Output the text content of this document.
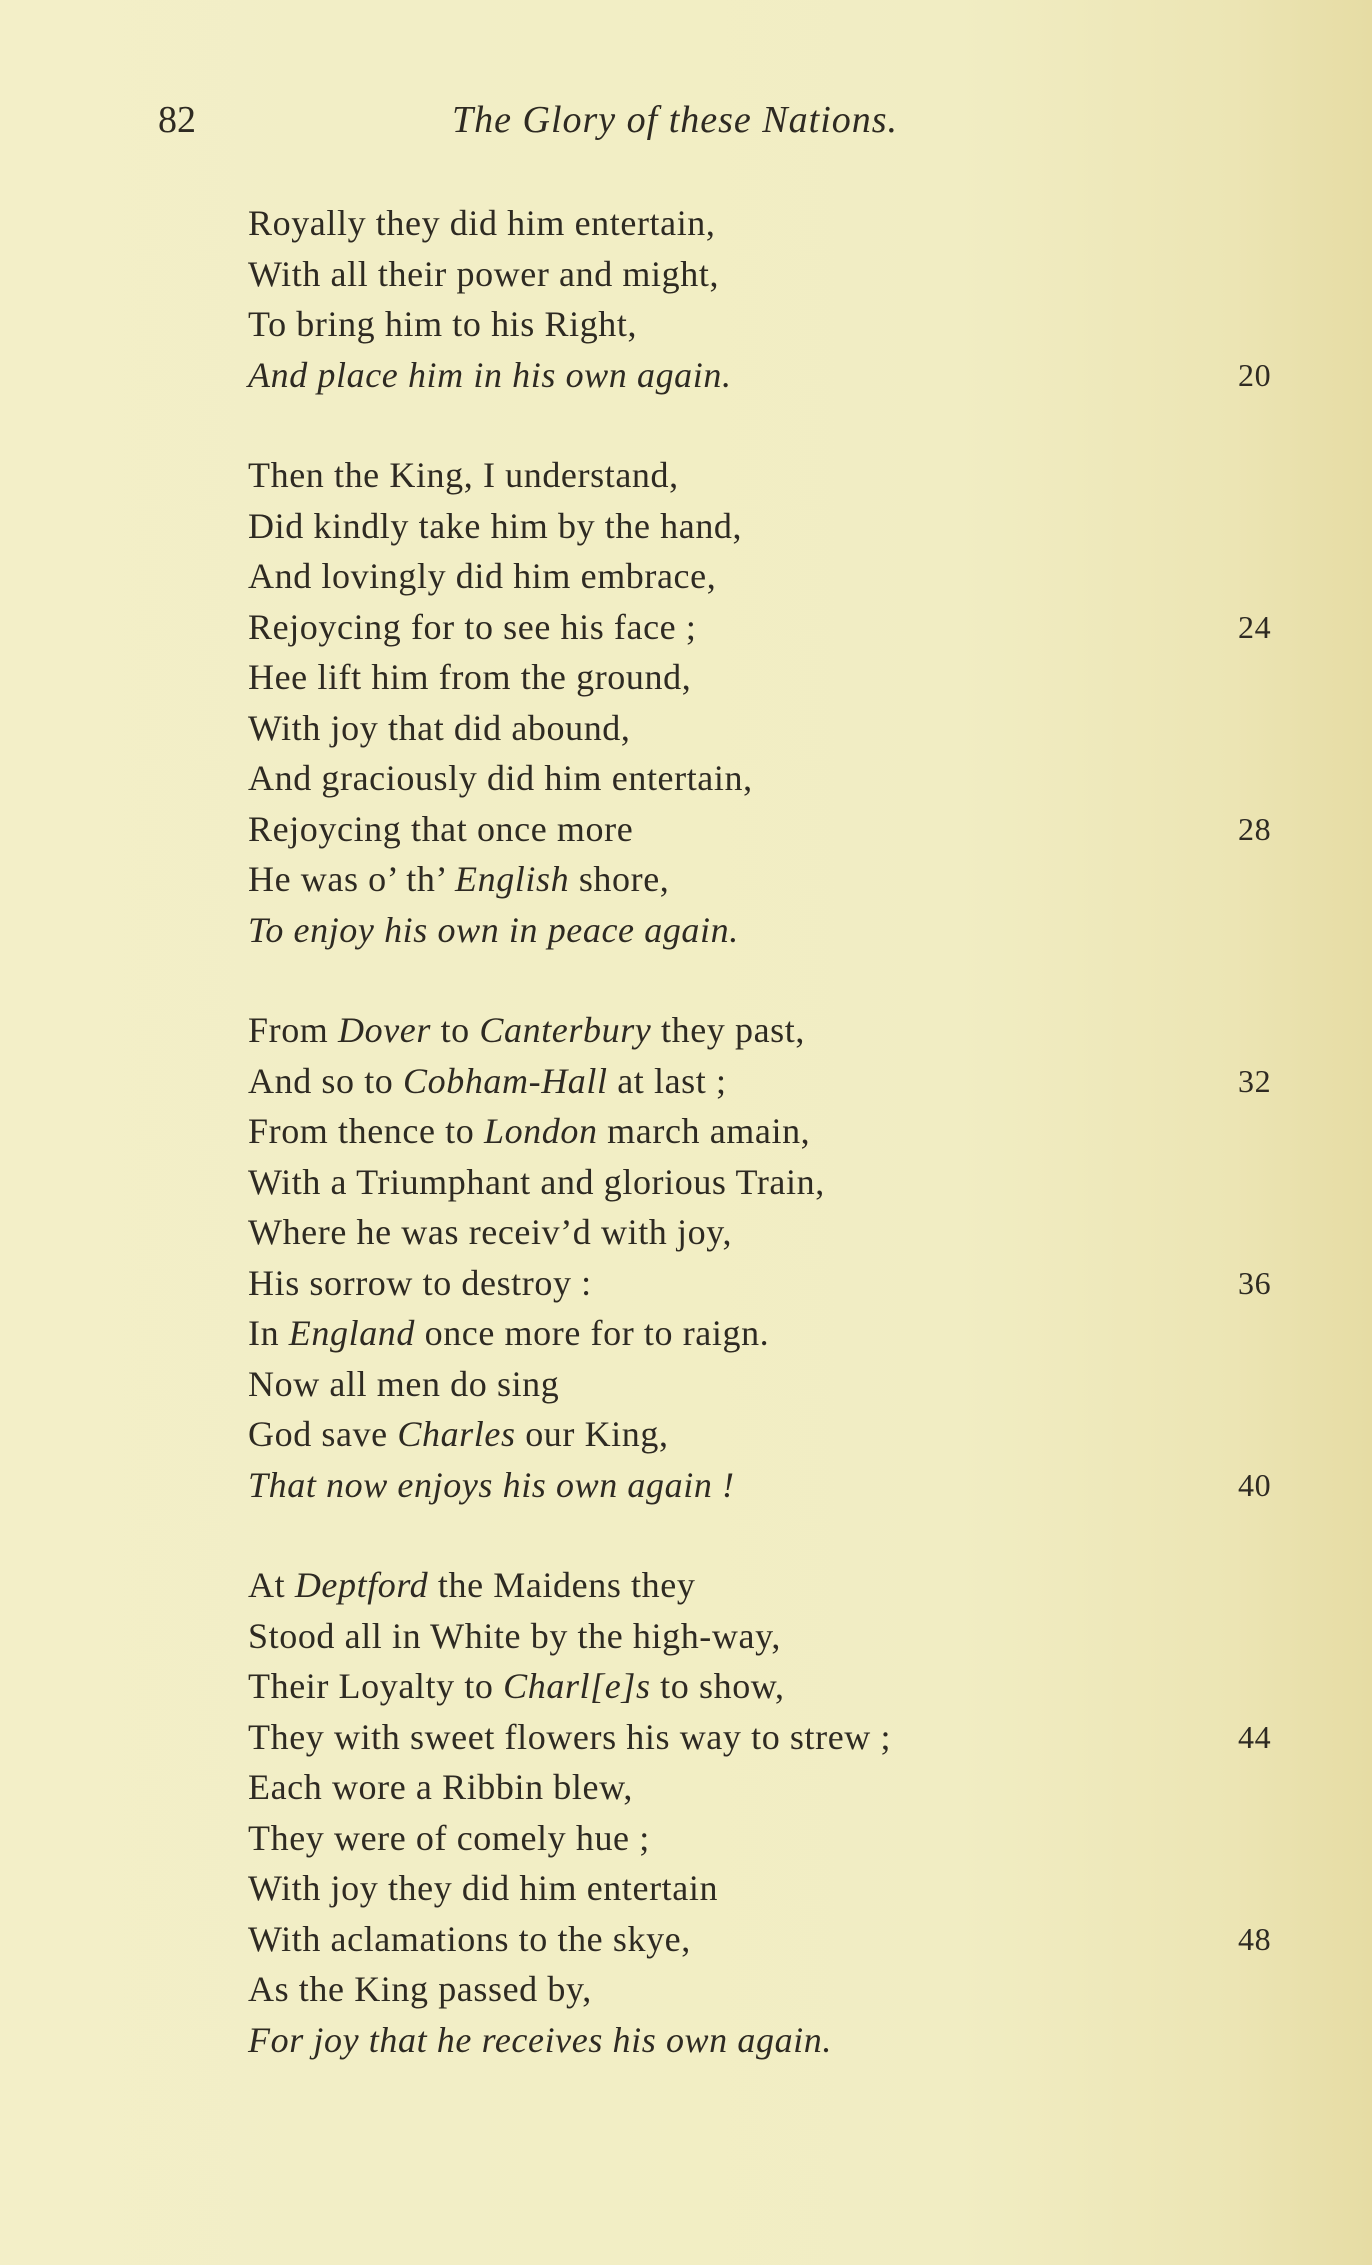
82	The Glory of these Nations.
Royally they did him entertain,
With all their power and might,
To bring him to his Right,
And place him in his own again.	20
Then the King, I understand,
Did kindly take him by the hand,
And lovingly did him embrace,
Rejoycing for to see his face ;	24
Hee lift him from the ground,
With joy that did abound,
And graciously did him entertain,
Rejoycing that once more	28
He was o’ th’ English shore,
To enjoy his own in peace again.
From Dover to Canterbury they past,
And so to Cobham-Hall at last ;	32
From thence to London march amain,
With a Triumphant and glorious Train,
Where he was receiv’d with joy,
His sorrow to destroy :	36
In England once more for to raign.
Now all men do sing
God save Charles our King,
That now enjoys his own again !	40
At Deptford the Maidens they
Stood all in White by the high-way,
Their Loyalty to Charl[e]s to show,
They with sweet flowers his way to strew ;	44
Each wore a Ribbin blew,
They were of comely hue ;
With joy they did him entertain
With aclamations to the skye,	48
As the King passed by,
For joy that he receives his own again.
